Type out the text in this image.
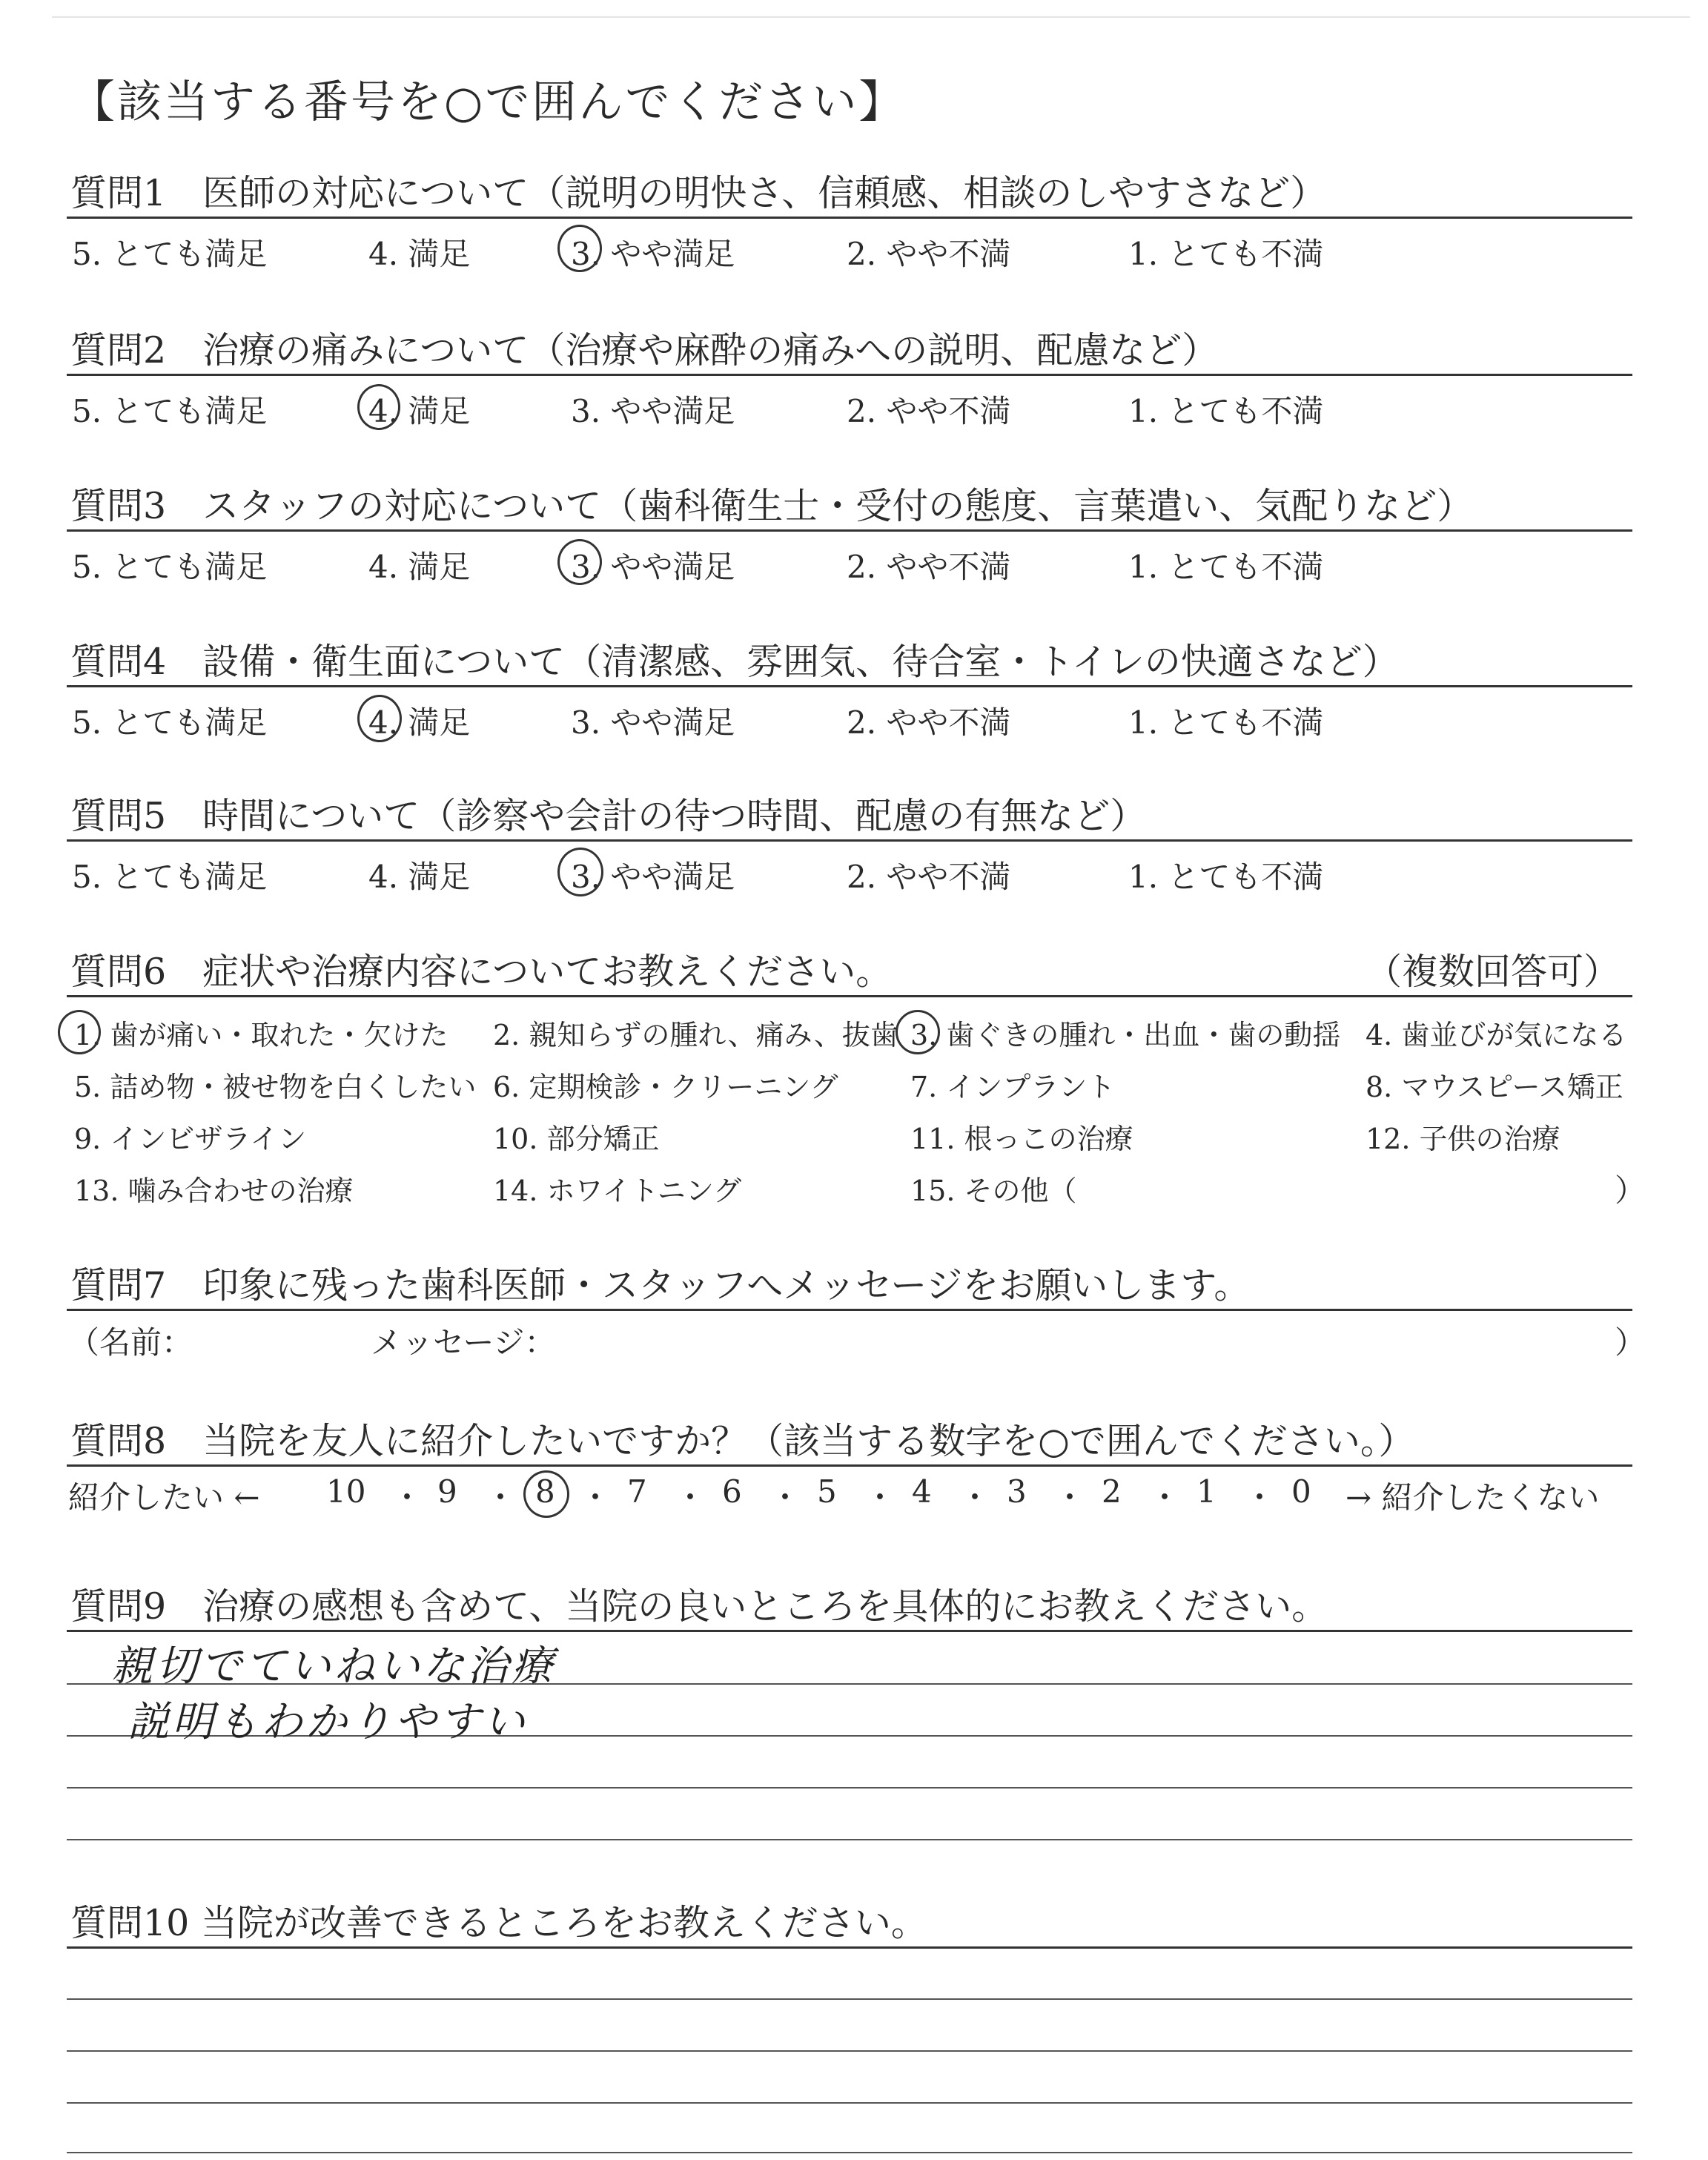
【該当する番号を○で囲んでください】
質問1　医師の対応について（説明の明快さ、信頼感、相談のしやすさなど）
5. とても満足	4. 満足	3. やや満足	2. やや不満	1. とても不満
質問2　治療の痛みについて（治療や麻酔の痛みへの説明、配慮など）
5. とても満足	4. 満足	3. やや満足	2. やや不満	1. とても不満
質問3　スタッフの対応について（歯科衛生士・受付の態度、言葉遣い、気配りなど）
5. とても満足	4. 満足	3. やや満足	2. やや不満	1. とても不満
質問4　設備・衛生面について（清潔感、雰囲気、待合室・トイレの快適さなど）
5. とても満足	4. 満足	3. やや満足	2. やや不満	1. とても不満
質問5　時間について（診察や会計の待つ時間、配慮の有無など）
5. とても満足	4. 満足	3. やや満足	2. やや不満	1. とても不満
質問6　症状や治療内容についてお教えください。	（複数回答可）
1. 歯が痛い・取れた・欠けた 2. 親知らずの腫れ、痛み、抜歯 3. 歯ぐきの腫れ・出血・歯の動揺 4. 歯並びが気になる
5. 詰め物・被せ物を白くしたい 6. 定期検診・クリーニング	7. インプラント	8. マウスピース矯正
9. インビザライン	10. 部分矯正	11. 根っこの治療	12. 子供の治療
13. 噛み合わせの治療	14. ホワイトニング	15. その他（	）
質問7　印象に残った歯科医師・スタッフへメッセージをお願いします。
（名前：	メッセージ：	）
質問8　当院を友人に紹介したいですか？（該当する数字を○で囲んでください。）
紹介したい ← 10 ・ 9 ・ 8 ・ 7 ・ 6 ・ 5 ・ 4 ・ 3 ・ 2 ・ 1 ・ 0 → 紹介したくない
質問9　治療の感想も含めて、当院の良いところを具体的にお教えください。
親切でていねいな治療
説明もわかりやすい
質問10 当院が改善できるところをお教えください。
